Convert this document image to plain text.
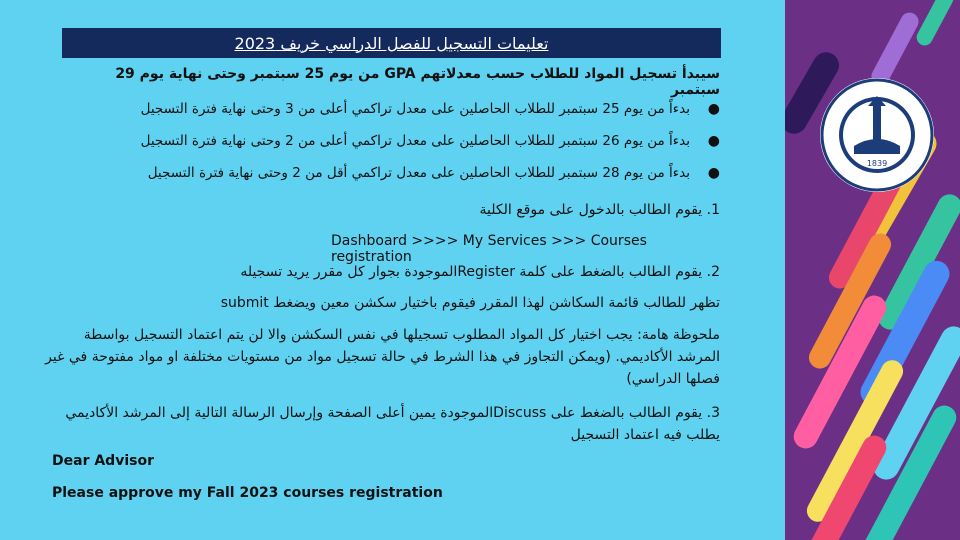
1839
تعليمات التسجيل للفصل الدراسي خريف 2023
سيبدأ تسجيل المواد للطلاب حسب معدلاتهم GPA من يوم 25 سبتمبر وحتى نهاية يوم 29 سبتمبر
●
بدءاً من يوم 25 سبتمبر للطلاب الحاصلين على معدل تراكمي أعلى من 3 وحتى نهاية فترة التسجيل
●
بدءاً من يوم 26 سبتمبر للطلاب الحاصلين على معدل تراكمي أعلى من 2 وحتى نهاية فترة التسجيل
●
بدءاً من يوم 28 سبتمبر للطلاب الحاصلين على معدل تراكمي أقل من 2 وحتى نهاية فترة التسجيل
1. يقوم الطالب بالدخول على موقع الكلية
Dashboard >>>> My Services >>> Courses registration
2. يقوم الطالب بالضغط على كلمة Registerالموجودة بجوار كل مقرر يريد تسجيله
تظهر للطالب قائمة السكاشن لهذا المقرر فيقوم باختيار سكشن معين ويضغط submit
ملحوظة هامة: يجب اختيار كل المواد المطلوب تسجيلها في نفس السكشن والا لن يتم اعتماد التسجيل بواسطة المرشد الأكاديمي. (ويمكن التجاوز في هذا الشرط في حالة تسجيل مواد من مستويات مختلفة او مواد مفتوحة في غير فصلها الدراسي)
3. يقوم الطالب بالضغط على Discussالموجودة يمين أعلى الصفحة وإرسال الرسالة التالية إلى المرشد الأكاديمي يطلب فيه اعتماد التسجيل
Dear Advisor
Please approve my Fall 2023 courses registration
